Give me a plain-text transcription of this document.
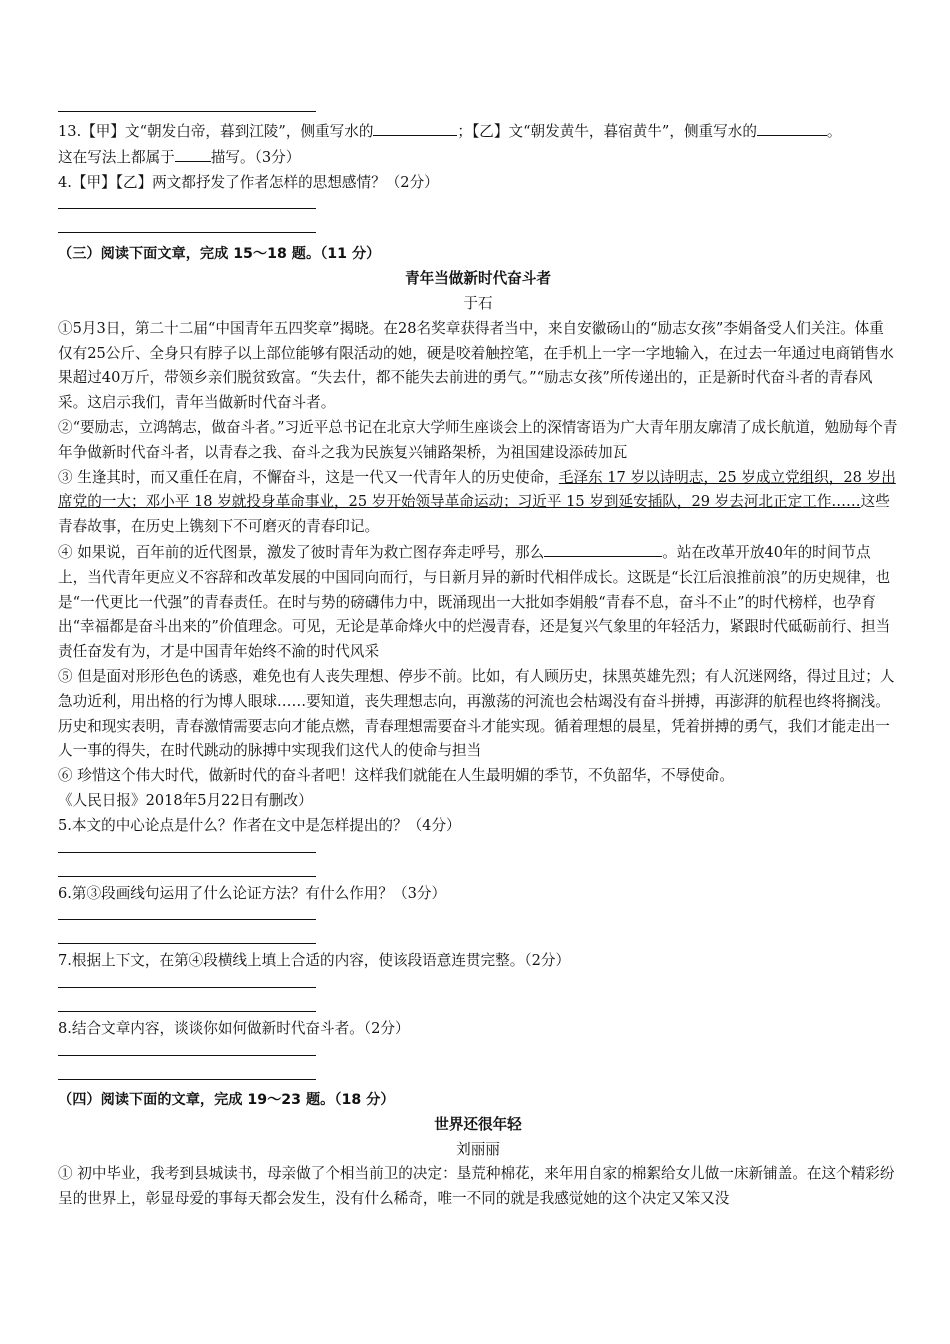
13.【甲】文“朝发白帝，暮到江陵”，侧重写水的	；【乙】文“朝发黄牛，暮宿黄牛”，侧重写水的	。
这在写法上都属于 描写。（3分）

4.【甲】【乙】两文都抒发了作者怎样的思想感情？（2分）

（三）阅读下面文章，完成 15～18 题。（11 分）

青年当做新时代奋斗者

于石

①5月3日，第二十二届“中国青年五四奖章”揭晓。在28名奖章获得者当中，来自安徽砀山的“励志女孩”李娟备受人们关注。体重仅有25公斤、全身只有脖子以上部位能够有限活动的她，硬是咬着触控笔，在手机上一字一字地输入，在过去一年通过电商销售水果超过40万斤，带领乡亲们脱贫致富。“失去什，都不能失去前进的勇气。”“励志女孩”所传递出的，正是新时代奋斗者的青春风采。这启示我们，青年当做新时代奋斗者。

②“要励志，立鸿鹄志，做奋斗者。”习近平总书记在北京大学师生座谈会上的深情寄语为广大青年朋友廓清了成长航道，勉励每个青年争做新时代奋斗者，以青春之我、奋斗之我为民族复兴铺路架桥，为祖国建设添砖加瓦

③ 生逢其时，而又重任在肩，不懈奋斗，这是一代又一代青年人的历史使命，毛泽东 17 岁以诗明志，25 岁成立党组织，28 岁出席党的一大；邓小平 18 岁就投身革命事业，25 岁开始领导革命运动；习近平 15 岁到延安插队，29 岁去河北正定工作……这些青春故事，在历史上镌刻下不可磨灭的青春印记。

④ 如果说，百年前的近代图景，激发了彼时青年为救亡图存奔走呼号，那么	。站在改革开放40年的时间节点上，当代青年更应义不容辞和改革发展的中国同向而行，与日新月异的新时代相伴成长。这既是“长江后浪推前浪”的历史规律，也是“一代更比一代强”的青春责任。在时与势的磅礴伟力中，既涌现出一大批如李娟般“青春不息，奋斗不止”的时代榜样，也孕育出“幸福都是奋斗出来的”价值理念。可见，无论是革命烽火中的烂漫青春，还是复兴气象里的年轻活力，紧跟时代砥砺前行、担当责任奋发有为，才是中国青年始终不渝的时代风采

⑤ 但是面对形形色色的诱惑，难免也有人丧失理想、停步不前。比如，有人顾历史，抹黑英雄先烈；有人沉迷网络，得过且过；人急功近利，用出格的行为博人眼球……要知道，丧失理想志向，再激荡的河流也会枯竭没有奋斗拼搏，再澎湃的航程也终将搁浅。历史和现实表明，青春激情需要志向才能点燃，青春理想需要奋斗才能实现。循着理想的晨星，凭着拼搏的勇气，我们才能走出一人一事的得失，在时代跳动的脉搏中实现我们这代人的使命与担当

⑥ 珍惜这个伟大时代，做新时代的奋斗者吧！这样我们就能在人生最明媚的季节，不负韶华，不辱使命。

《人民日报》2018年5月22日有删改）

5.本文的中心论点是什么？作者在文中是怎样提出的？（4分）

6.第③段画线句运用了什么论证方法？有什么作用？（3分）

7.根据上下文，在第④段横线上填上合适的内容，使该段语意连贯完整。（2分）

8.结合文章内容，谈谈你如何做新时代奋斗者。（2分）

（四）阅读下面的文章，完成 19～23 题。（18 分）

世界还很年轻

刘丽丽

① 初中毕业，我考到县城读书，母亲做了个相当前卫的决定：垦荒种棉花，来年用自家的棉絮给女儿做一床新铺盖。在这个精彩纷呈的世界上，彰显母爱的事每天都会发生，没有什么稀奇，唯一不同的就是我感觉她的这个决定又笨又没
